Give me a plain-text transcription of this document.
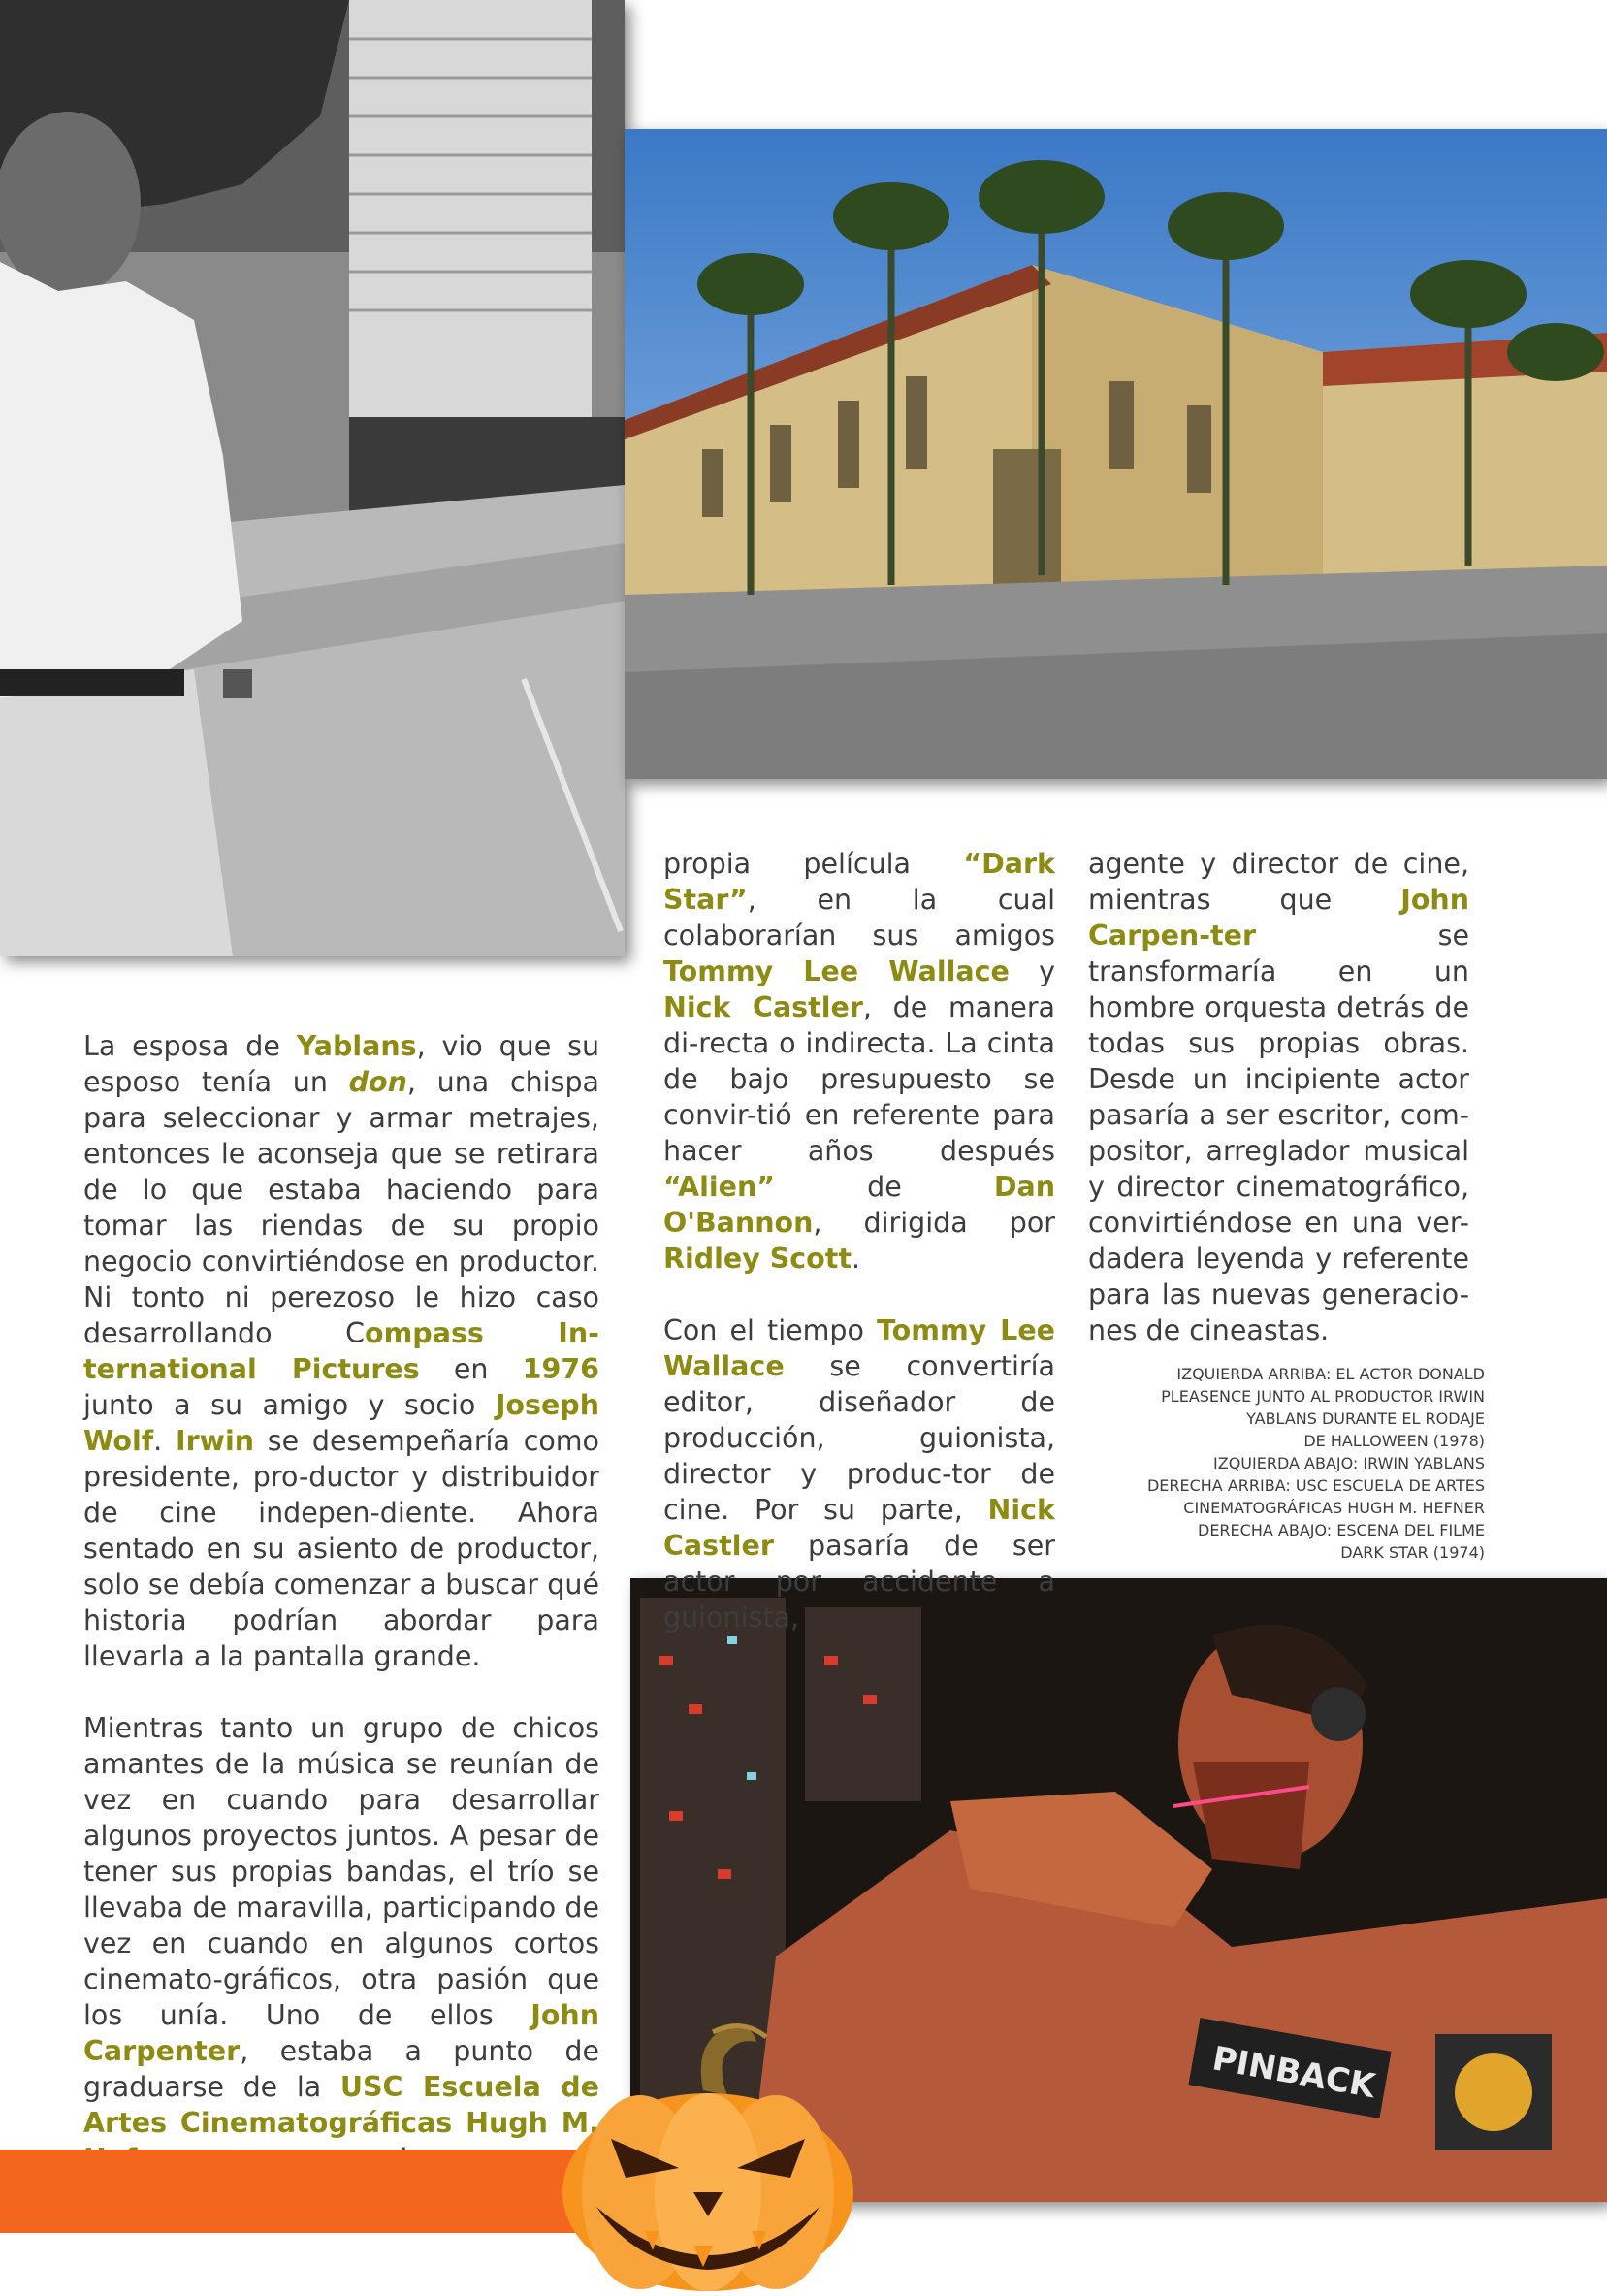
PINBACK

La esposa de Yablans, vio que su esposo tenía un don, una chispa para seleccionar y armar metrajes, entonces le aconseja que se retirara de lo que estaba haciendo para tomar las riendas de su propio negocio convirtiéndose en productor. Ni tonto ni perezoso le hizo caso desarrollando Compass In-ternational Pictures en 1976 junto a su amigo y socio Joseph Wolf. Irwin se desempeñaría como presidente, pro-ductor y distribuidor de cine indepen-diente. Ahora sentado en su asiento de productor, solo se debía comenzar a buscar qué historia podrían abordar para llevarla a la pantalla grande.

Mientras tanto un grupo de chicos amantes de la música se reunían de vez en cuando para desarrollar algunos proyectos juntos. A pesar de tener sus propias bandas, el trío se llevaba de maravilla, participando de vez en cuando en algunos cortos cinemato-gráficos, otra pasión que los unía. Uno de ellos John Carpenter, estaba a punto de graduarse de la USC Escuela de Artes Cinematográficas Hugh M.

propia película “Dark Star”, en la cual colaborarían sus amigos Tommy Lee Wallace y Nick Castler, de manera di-recta o indirecta. La cinta de bajo presupuesto se convir-tió en referente para hacer años después “Alien” de Dan O'Bannon, dirigida por Ridley Scott.

Con el tiempo Tommy Lee Wallace se convertiría editor, diseñador de producción, guionista, director y produc-tor de cine. Por su parte, Nick Castler pasaría de ser actor por accidente a guionista,

agente y director de cine, mientras que John Carpen-ter se transformaría en un hombre orquesta detrás de todas sus propias obras. Desde un incipiente actor pasaría a ser escritor, com-positor, arreglador musical y director cinematográfico, convirtiéndose en una ver-dadera leyenda y referente para las nuevas generacio-nes de cineastas.

IZQUIERDA ARRIBA: EL ACTOR DONALD
PLEASENCE JUNTO AL PRODUCTOR IRWIN
YABLANS DURANTE EL RODAJE
DE HALLOWEEN (1978)
IZQUIERDA ABAJO: IRWIN YABLANS
DERECHA ARRIBA: USC ESCUELA DE ARTES
CINEMATOGRÁFICAS HUGH M. HEFNER
DERECHA ABAJO: ESCENA DEL FILME
DARK STAR (1974)
